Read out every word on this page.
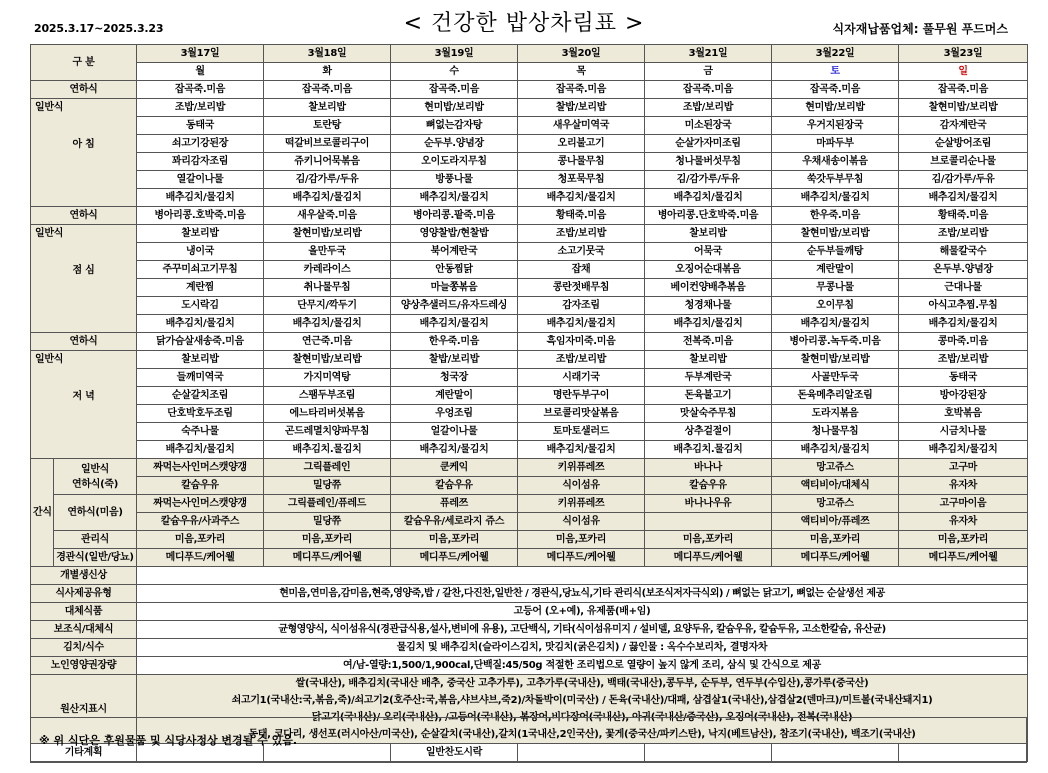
2025.3.17~2025.3.23	< 건강한 밥상차림표 >	식자재납품업체: 풀무원 푸드머스
구 분		3월17일	3월18일	3월19일	3월20일	3월21일	3월22일	3월23일
		월	화	수	목	금	토	일
연하식		잡곡죽.미음	잡곡죽.미음	잡곡죽.미음	잡곡죽.미음	잡곡죽.미음	잡곡죽.미음	잡곡죽.미음

일반식
아 침		조밥/보리밥	찰보리밥	현미밥/보리밥	찰밥/보리밥	조밥/보리밥	현미밥/보리밥	찰현미밥/보리밥
		동태국	토란탕	뼈없는감자탕	새우살미역국	미소된장국	우거지된장국	감자계란국
		쇠고기강된장	떡갈비브로콜리구이	순두부.양념장	오리불고기	순살가자미조림	마파두부	순살방어조림
		꽈리감자조림	쥬키니어묵볶음	오이도라지무침	콩나물무침	청나물버섯무침	우채새송이볶음	브로콜리순나물
		열갈이나물	김/감가루/두유	방풍나물	청포묵무침	김/감가루/두유	쑥갓두부무침	김/감가루/두유
		배추김치/물김치	배추김치/물김치	배추김치/물김치	배추김치/물김치	배추김치/물김치	배추김치/물김치	배추김치/물김치
연하식		병아리콩.호박죽.미음	새우살죽.미음	병아리콩.팥죽.미음	황태죽.미음	병아리콩.단호박죽.미음	한우죽.미음	황태죽.미음

일반식
점 심		찰보리밥	찰현미밥/보리밥	영양찰밥/현찰밥	조밥/보리밥	찰보리밥	찰현미밥/보리밥	조밥/보리밥
		냉이국	올만두국	북어계란국	소고기뭇국	어묵국	순두부들깨탕	해물칼국수
		주꾸미쇠고기무침	카레라이스	안동찜닭	잡채	오징어순대볶음	계란말이	온두부.양념장
		계란찜	취나물무침	마늘쫑볶음	콩란젓배무침	베이컨양배추볶음	무콩나물	근대나물
		도시락김	단무지/깍두기	양상추샐러드/유자드레싱	감자조림	청경채나물	오이무침	아식고추찜.무침
		배추김치/물김치	배추김치/물김치	배추김치/물김치	배추김치/물김치	배추김치/물김치	배추김치/물김치	배추김치/물김치
연하식		닭가슴살새송죽.미음	연근죽.미음	한우죽.미음	흑임자미죽.미음	전복죽.미음	병아리콩.녹두죽.미음	콩마죽.미음

일반식
저 녁		찰보리밥	찰현미밥/보리밥	찰밥/보리밥	조밥/보리밥	찰보리밥	찰현미밥/보리밥	조밥/보리밥
		들깨미역국	가지미역탕	청국장	시래기국	두부계란국	사골만두국	동태국
		순살갈치조림	스팸두부조림	계란말이	명란두부구이	돈육불고기	돈육메추리알조림	방아강된장
		단호박호두조림	에느타리버섯볶음	우엉조림	브로콜리맛살볶음	맛살숙주무침	도라지볶음	호박볶음
		숙주나물	곤드레멸치양파무침	얼갈이나물	토마토샐러드	상추겉절이	청나물무침	시금치나물
		배추김치/물김치	배추김치.물김치	배추김치/물김치	배추김치/물김치	배추김치.물김치	배추김치/물김치	배추김치/물김치
간식	일반식
연하식(죽)	짜먹는사인머스캣양갱	그릭플레인	쿤케익	키위퓨레쯔	바나나	망고쥬스	고구마
		칼슘우유	밀당쮸	칼슘우유	식이섬유	칼슘우유	액티비아/대체식	유자차
	연하식(미음)	짜먹는사인머스캣양갱	그릭플레인/퓨레드	퓨레쯔	키위퓨레쯔	바나나우유	망고쥬스	고구마이음
		칼슘우유/사과주스	밀당쮸	칼슘우유/세로라지 쥬스	식이섬유		액티비아/퓨레쯔	유자차
	관리식	미음,포카리	미음,포카리	미음,포카리	미음,포카리	미음,포카리	미음,포카리	미음,포카리
	경관식(일반/당뇨)	메디푸드/케어웰	메디푸드/케어웰	메디푸드/케어웰	메디푸드/케어웰	메디푸드/케어웰	메디푸드/케어웰	메디푸드/케어웰
개별생신상								
식사제공유형		현미음,연미음,감미음,현죽,영양죽,밥 / 갈찬,다진찬,일반찬 / 경관식,당뇨식,기타 관리식(보조식저자극식외) / 뼈없는 닭고기, 뼈없는 순살생선 제공						
대체식품		고등어 (오+예), 유제품(배+임)						
보조식/대체식		균형영양식, 식이섬유식(경관급식용,설사,변비에 유용), 고단백식, 기타(식이섬유미지 / 설비델, 요양두유, 칼슘우유, 칼슘두유, 고소한칼슘, 유산균)						
김치/식수		물김치 및 배추김치(슬라이스김치, 맛김치(굵은김치) / 끓인물 : 옥수수보리차, 결명자차						
노인영양권장량		여/남-열량:1,500/1,900cal,단백질:45/50g 적절한 조리법으로 열량이 높지 않게 조리, 삼식 및 간식으로 제공						
원산지표시		쌀(국내산), 배추김치(국내산 배추, 중국산 고추가루), 고추가루(국내산), 백태(국내산),콩두부, 순두부, 연두부(수입산),콩가루(중국산)
쇠고기1(국내산:국,볶음,죽)/쇠고기2(호주산:국,볶음,샤브샤브,죽2)/차돌박이(미국산) / 돈육(국내산)/대패, 삼겹살1(국내산),삼겹살2(덴마크)/미트볼(국내산돼지1)
닭고기(국내산)/ 오리(국내산), /고등어(국내산), 볶장어,비다장어(국내산), 아귀(국내산/중국산), 오징어(국내산), 전복(국내산)
동태, 코다리, 생선포(러시아산/미국산), 순살갈치(국내산),갈치(1국내산,2인국산), 꽃게(중국산/파키스탄), 낙지(베트남산), 참조기(국내산), 백조기(국내산)						

기타계획				일반찬도시락				
※ 위 식단은 후원물품 및 식당사정상 변경될 수 있음.
